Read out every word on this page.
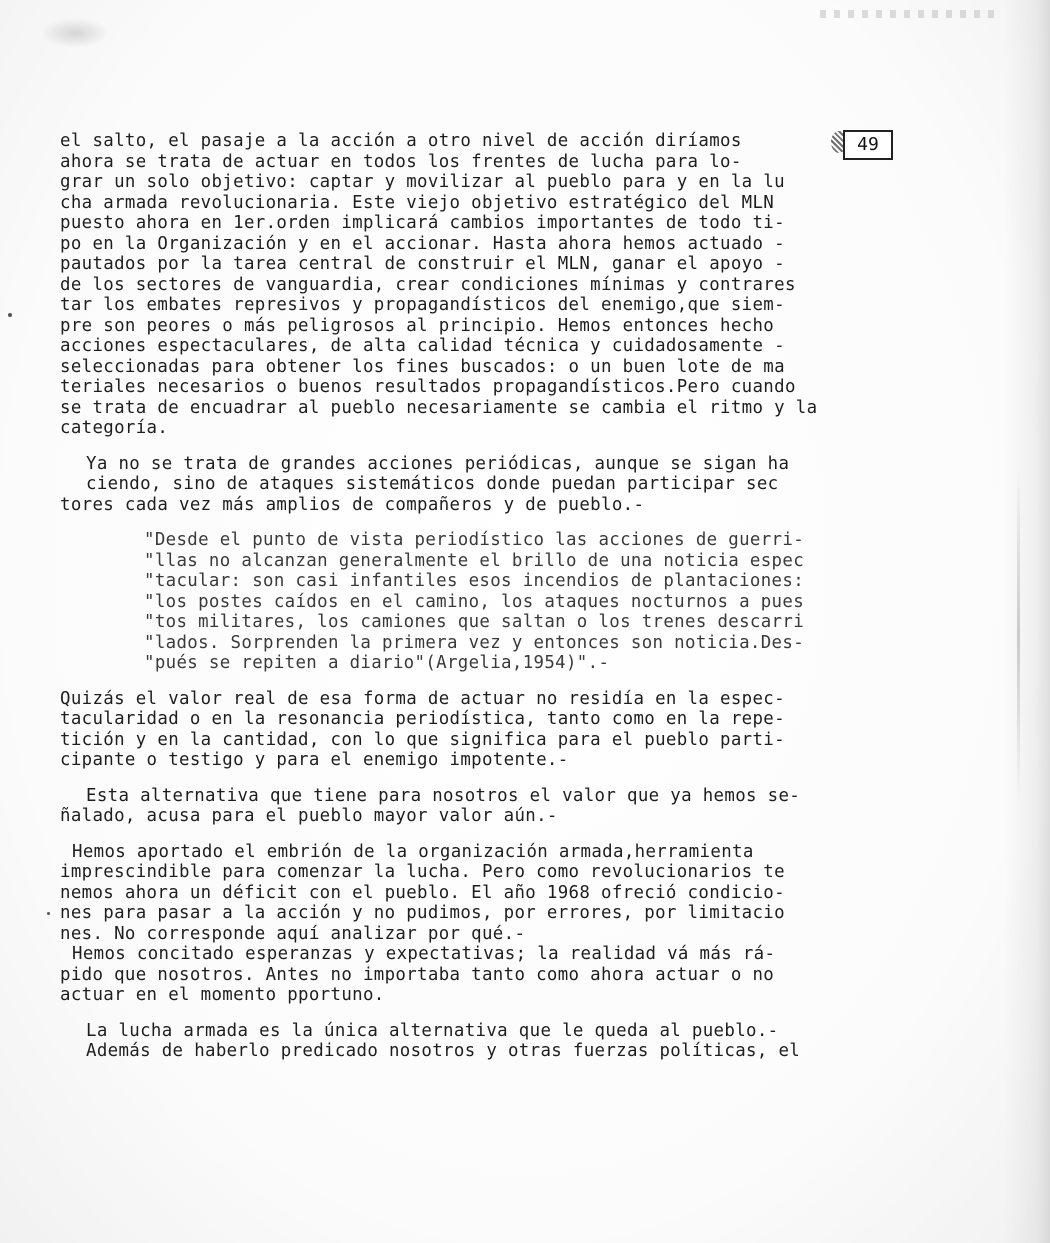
49
el salto, el pasaje a la acción a otro nivel de acción diríamos
ahora se trata de actuar en todos los frentes de lucha para lo-
grar un solo objetivo: captar y movilizar al pueblo para y en la lu
cha armada revolucionaria. Este viejo objetivo estratégico del MLN
puesto ahora en 1er.orden implicará cambios importantes de todo ti-
po en la Organización y en el accionar. Hasta ahora hemos actuado -
pautados por la tarea central de construir el MLN, ganar el apoyo -
de los sectores de vanguardia, crear condiciones mínimas y contrares
tar los embates represivos y propagandísticos del enemigo,que siem-
pre son peores o más peligrosos al principio. Hemos entonces hecho
acciones espectaculares, de alta calidad técnica y cuidadosamente -
seleccionadas para obtener los fines buscados: o un buen lote de ma
teriales necesarios o buenos resultados propagandísticos.Pero cuando
se trata de encuadrar al pueblo necesariamente se cambia el ritmo y la
categoría.
Ya no se trata de grandes acciones periódicas, aunque se sigan ha
ciendo, sino de ataques sistemáticos donde puedan participar sec
tores cada vez más amplios de compañeros y de pueblo.-
"Desde el punto de vista periodístico las acciones de guerri-
"llas no alcanzan generalmente el brillo de una noticia espec
"tacular: son casi infantiles esos incendios de plantaciones:
"los postes caídos en el camino, los ataques nocturnos a pues
"tos militares, los camiones que saltan o los trenes descarri
"lados. Sorprenden la primera vez y entonces son noticia.Des-
"pués se repiten a diario"(Argelia,1954)".-
Quizás el valor real de esa forma de actuar no residía en la espec-
tacularidad o en la resonancia periodística, tanto como en la repe-
tición y en la cantidad, con lo que significa para el pueblo parti-
cipante o testigo y para el enemigo impotente.-
Esta alternativa que tiene para nosotros el valor que ya hemos se-
ñalado, acusa para el pueblo mayor valor aún.-
Hemos aportado el embrión de la organización armada,herramienta
imprescindible para comenzar la lucha. Pero como revolucionarios te
nemos ahora un déficit con el pueblo. El año 1968 ofreció condicio-
nes para pasar a la acción y no pudimos, por errores, por limitacio
nes. No corresponde aquí analizar por qué.-
Hemos concitado esperanzas y expectativas; la realidad vá más rá-
pido que nosotros. Antes no importaba tanto como ahora actuar o no
actuar en el momento pportuno.
La lucha armada es la única alternativa que le queda al pueblo.-
Además de haberlo predicado nosotros y otras fuerzas políticas, el
